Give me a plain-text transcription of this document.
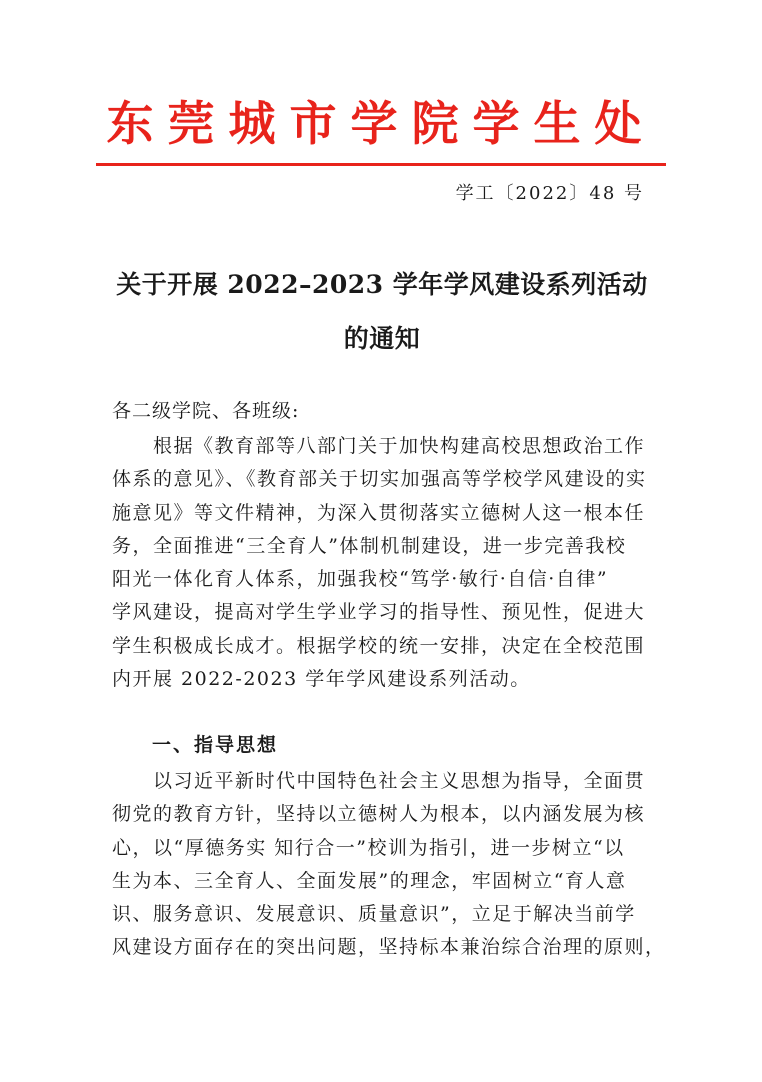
东莞城市学院学生处
学工〔2022〕48 号
关于开展 2022–2023 学年学风建设系列活动
的通知
各二级学院、各班级:
　　根据《教育部等八部门关于加快构建高校思想政治工作
体系的意见》、《教育部关于切实加强高等学校学风建设的实
施意见》等文件精神，为深入贯彻落实立德树人这一根本任
务，全面推进“三全育人”体制机制建设，进一步完善我校
阳光一体化育人体系，加强我校“笃学·敏行·自信·自律”
学风建设，提高对学生学业学习的指导性、预见性，促进大
学生积极成长成才。根据学校的统一安排，决定在全校范围
内开展 2022-2023 学年学风建设系列活动。
一、指导思想
　　以习近平新时代中国特色社会主义思想为指导，全面贯
彻党的教育方针，坚持以立德树人为根本，以内涵发展为核
心，以“厚德务实 知行合一”校训为指引，进一步树立“以
生为本、三全育人、全面发展”的理念，牢固树立“育人意
识、服务意识、发展意识、质量意识”，立足于解决当前学
风建设方面存在的突出问题，坚持标本兼治综合治理的原则，
